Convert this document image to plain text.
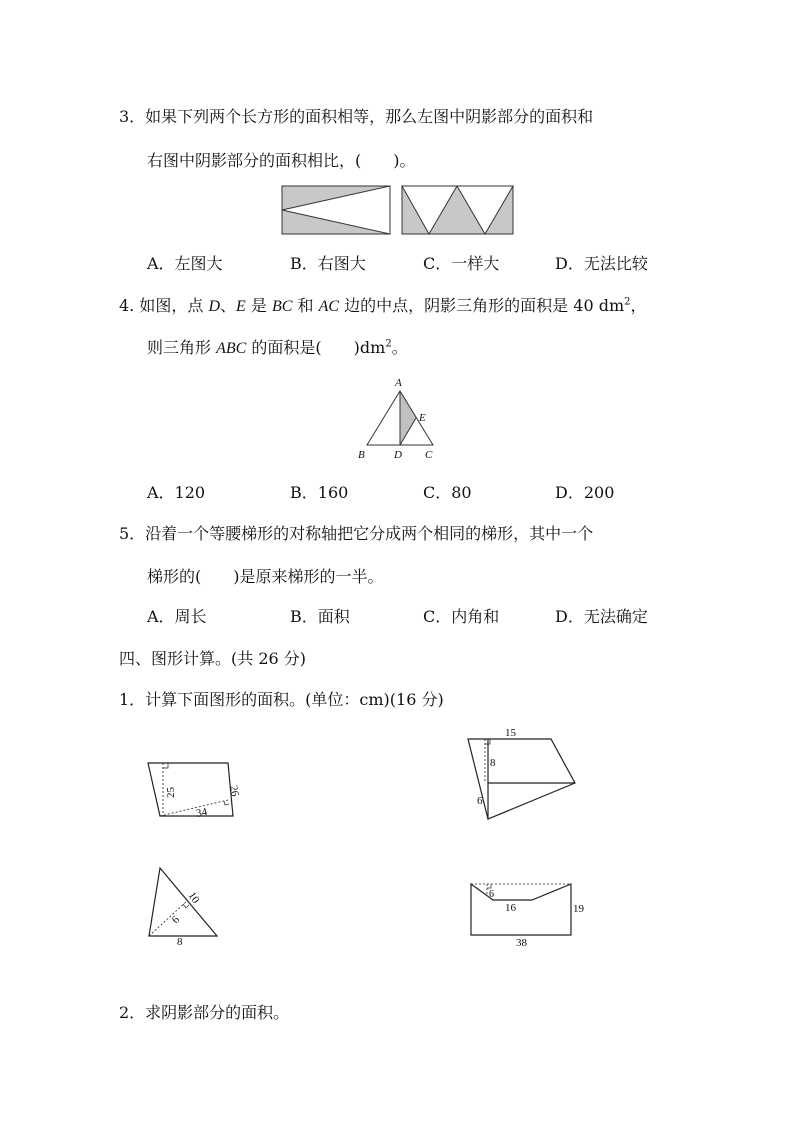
3．如果下列两个长方形的面积相等，那么左图中阴影部分的面积和
右图中阴影部分的面积相比，(　　)。
A．左图大	B．右图大	C．一样大	D．无法比较
4. 如图，点 D、E 是 BC 和 AC 边的中点，阴影三角形的面积是 40 $dm^2$，
则三角形 ABC 的面积是(　　)$dm^2$。
A
E
B	D C
A．120	B．160	C．80	D．200
5．沿着一个等腰梯形的对称轴把它分成两个相同的梯形，其中一个
梯形的(　　)是原来梯形的一半。
A．周长	B．面积	C．内角和	D．无法确定
四、图形计算。(共 26 分)
1．计算下面图形的面积。(单位：cm)(16 分)
25	26
34
15
8
6
10
6
8
6
16	19
38
2．求阴影部分的面积。
